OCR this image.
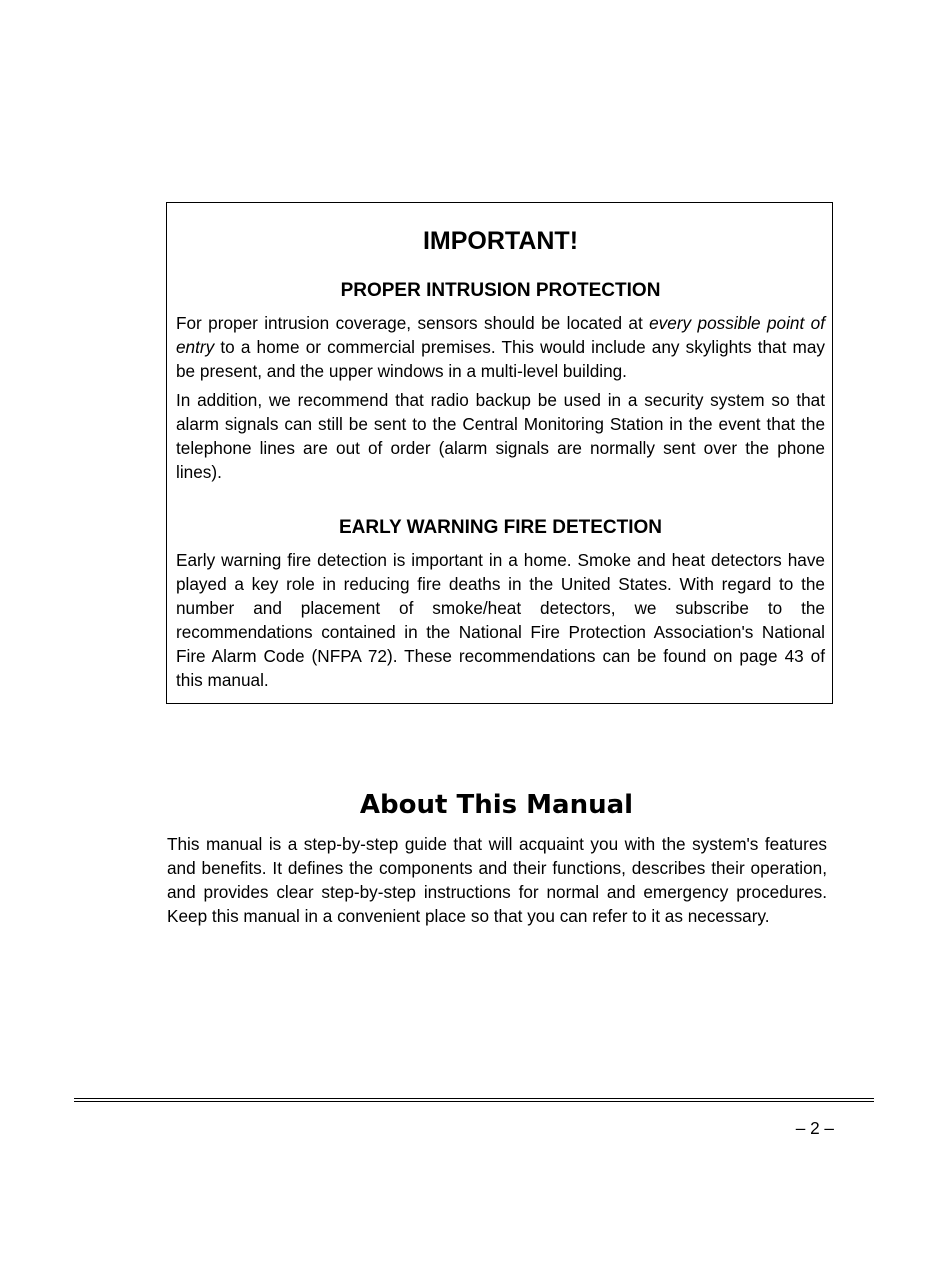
IMPORTANT!
PROPER INTRUSION PROTECTION

For proper intrusion coverage, sensors should be located at every possible point of entry to a home or commercial premises. This would include any skylights that may be present, and the upper windows in a multi-level building.

In addition, we recommend that radio backup be used in a security system so that alarm signals can still be sent to the Central Monitoring Station in the event that the telephone lines are out of order (alarm signals are normally sent over the phone lines).

EARLY WARNING FIRE DETECTION

Early warning fire detection is important in a home. Smoke and heat detectors have played a key role in reducing fire deaths in the United States. With regard to the number and placement of smoke/heat detectors, we subscribe to the recommendations contained in the National Fire Protection Association's National Fire Alarm Code (NFPA 72). These recommendations can be found on page 43 of this manual.

About This Manual

This manual is a step-by-step guide that will acquaint you with the system's features and benefits. It defines the components and their functions, describes their operation, and provides clear step-by-step instructions for normal and emergency procedures. Keep this manual in a convenient place so that you can refer to it as necessary.

– 2 –
